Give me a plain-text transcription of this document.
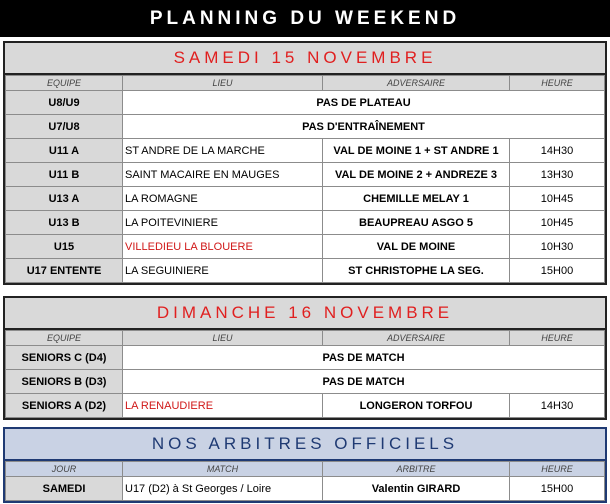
PLANNING DU WEEKEND
SAMEDI 15 NOVEMBRE
EQUIPE	LIEU	ADVERSAIRE	HEURE
U8/U9	PAS DE PLATEAU		
U7/U8	PAS D'ENTRAÎNEMENT		
U11 A	ST ANDRE DE LA MARCHE	VAL DE MOINE 1 + ST ANDRE 1	14H30
U11 B	SAINT MACAIRE EN MAUGES	VAL DE MOINE 2 + ANDREZE 3	13H30
U13 A	LA ROMAGNE	CHEMILLE MELAY 1	10H45
U13 B	LA POITEVINIERE	BEAUPREAU ASGO 5	10H45
U15	VILLEDIEU LA BLOUERE	VAL DE MOINE	10H30
U17 ENTENTE	LA SEGUINIERE	ST CHRISTOPHE LA SEG.	15H00
DIMANCHE 16 NOVEMBRE
EQUIPE	LIEU	ADVERSAIRE	HEURE
SENIORS C (D4)	PAS DE MATCH		
SENIORS B (D3)	PAS DE MATCH		
SENIORS A (D2)	LA RENAUDIERE	LONGERON TORFOU	14H30
NOS ARBITRES OFFICIELS
JOUR	MATCH	ARBITRE	HEURE
SAMEDI	U17 (D2) à St Georges / Loire	Valentin GIRARD	15H00
